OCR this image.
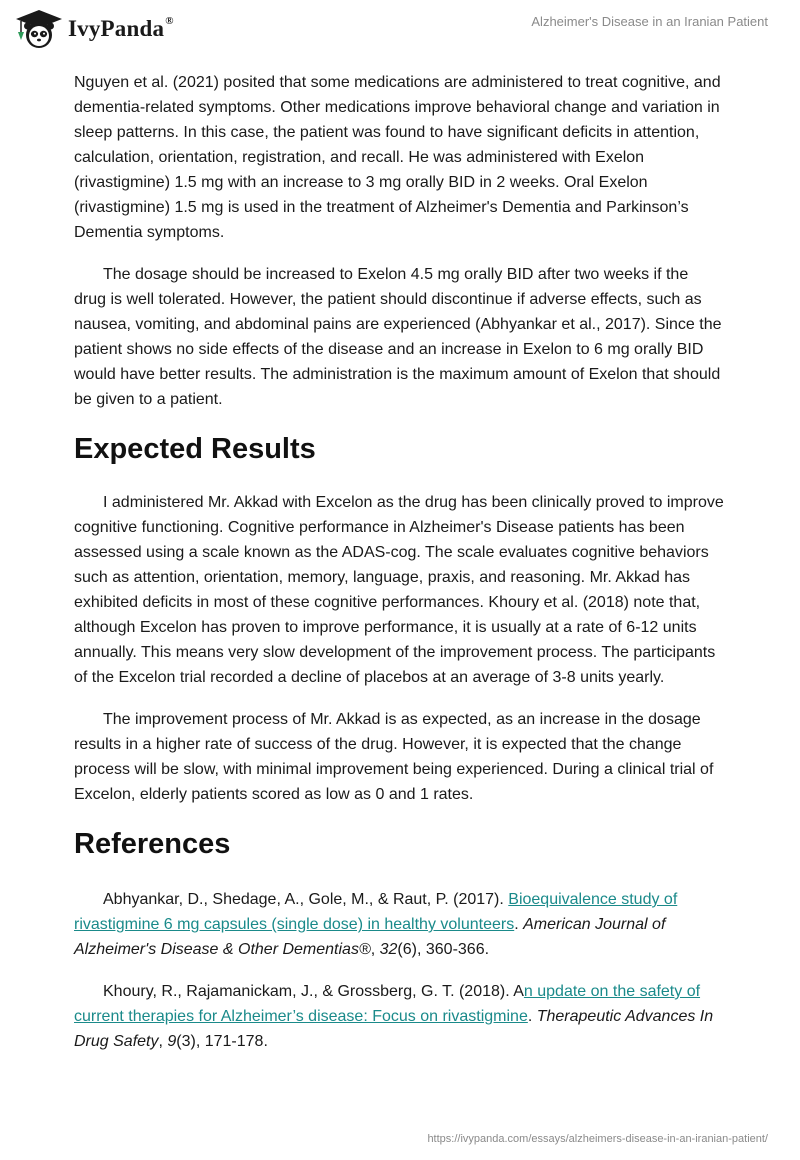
IvyPanda®	Alzheimer's Disease in an Iranian Patient

Nguyen et al. (2021) posited that some medications are administered to treat cognitive, and dementia-related symptoms. Other medications improve behavioral change and variation in sleep patterns. In this case, the patient was found to have significant deficits in attention, calculation, orientation, registration, and recall. He was administered with Exelon (rivastigmine) 1.5 mg with an increase to 3 mg orally BID in 2 weeks. Oral Exelon (rivastigmine) 1.5 mg is used in the treatment of Alzheimer's Dementia and Parkinson’s Dementia symptoms.

The dosage should be increased to Exelon 4.5 mg orally BID after two weeks if the drug is well tolerated. However, the patient should discontinue if adverse effects, such as nausea, vomiting, and abdominal pains are experienced (Abhyankar et al., 2017). Since the patient shows no side effects of the disease and an increase in Exelon to 6 mg orally BID would have better results. The administration is the maximum amount of Exelon that should be given to a patient.

Expected Results

I administered Mr. Akkad with Excelon as the drug has been clinically proved to improve cognitive functioning. Cognitive performance in Alzheimer's Disease patients has been assessed using a scale known as the ADAS-cog. The scale evaluates cognitive behaviors such as attention, orientation, memory, language, praxis, and reasoning. Mr. Akkad has exhibited deficits in most of these cognitive performances. Khoury et al. (2018) note that, although Excelon has proven to improve performance, it is usually at a rate of 6-12 units annually. This means very slow development of the improvement process. The participants of the Excelon trial recorded a decline of placebos at an average of 3-8 units yearly.

The improvement process of Mr. Akkad is as expected, as an increase in the dosage results in a higher rate of success of the drug. However, it is expected that the change process will be slow, with minimal improvement being experienced. During a clinical trial of Excelon, elderly patients scored as low as 0 and 1 rates.

References

Abhyankar, D., Shedage, A., Gole, M., & Raut, P. (2017). Bioequivalence study of rivastigmine 6 mg capsules (single dose) in healthy volunteers. American Journal of Alzheimer's Disease & Other Dementias®, 32(6), 360-366.

Khoury, R., Rajamanickam, J., & Grossberg, G. T. (2018). An update on the safety of current therapies for Alzheimer’s disease: Focus on rivastigmine. Therapeutic Advances In Drug Safety, 9(3), 171-178.

https://ivypanda.com/essays/alzheimers-disease-in-an-iranian-patient/
